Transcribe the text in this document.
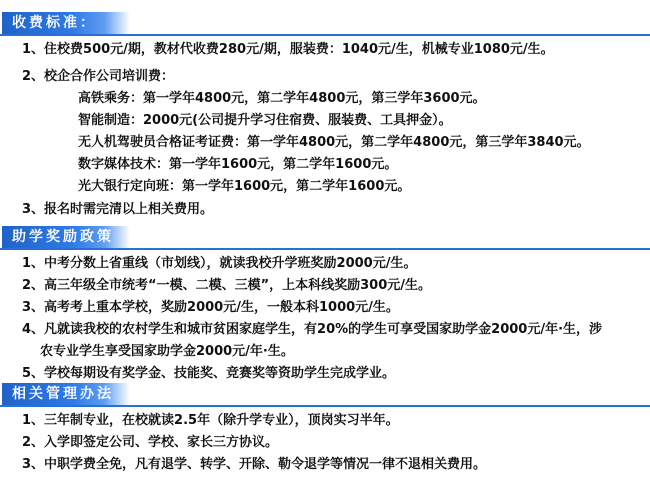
收费标准：
1、住校费500元/期，教材代收费280元/期，服装费：1040元/生，机械专业1080元/生。
2、校企合作公司培训费：
高铁乘务：第一学年4800元，第二学年4800元，第三学年3600元。
智能制造：2000元(公司提升学习住宿费、服装费、工具押金）。
无人机驾驶员合格证考证费：第一学年4800元，第二学年4800元，第三学年3840元。
数字媒体技术：第一学年1600元，第二学年1600元。
光大银行定向班：第一学年1600元，第二学年1600元。
3、报名时需完清以上相关费用。
助学奖励政策
1、中考分数上省重线（市划线），就读我校升学班奖励2000元/生。
2、高三年级全市统考“一模、二模、三模”，上本科线奖励300元/生。
3、高考考上重本学校，奖励2000元/生，一般本科1000元/生。
4、凡就读我校的农村学生和城市贫困家庭学生，有20%的学生可享受国家助学金2000元/年·生，涉
农专业学生享受国家助学金2000元/年·生。
5、学校每期设有奖学金、技能奖、竞赛奖等资助学生完成学业。
相关管理办法
1、三年制专业，在校就读2.5年（除升学专业），顶岗实习半年。
2、入学即签定公司、学校、家长三方协议。
3、中职学费全免，凡有退学、转学、开除、勒令退学等情况一律不退相关费用。
